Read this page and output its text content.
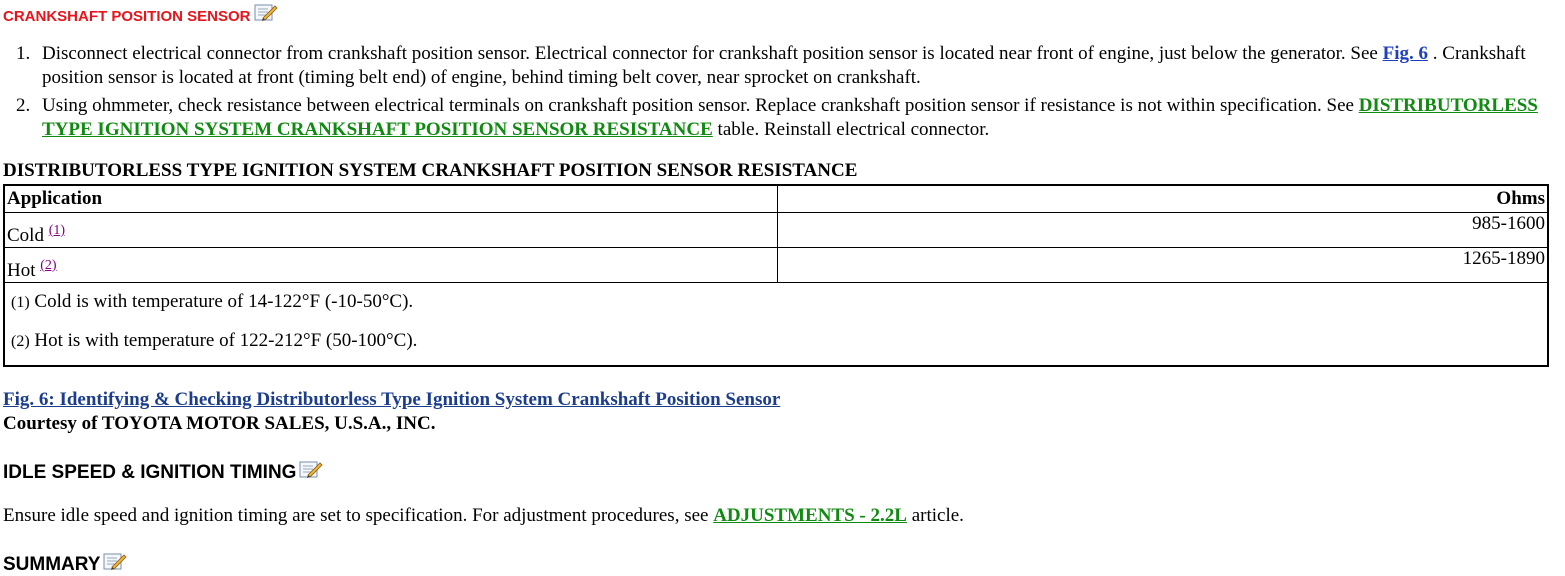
CRANKSHAFT POSITION SENSOR
1. Disconnect electrical connector from crankshaft position sensor. Electrical connector for crankshaft position sensor is located near front of engine, just below the generator. See Fig. 6 . Crankshaft position sensor is located at front (timing belt end) of engine, behind timing belt cover, near sprocket on crankshaft.
2. Using ohmmeter, check resistance between electrical terminals on crankshaft position sensor. Replace crankshaft position sensor if resistance is not within specification. See DISTRIBUTORLESS TYPE IGNITION SYSTEM CRANKSHAFT POSITION SENSOR RESISTANCE table. Reinstall electrical connector.
DISTRIBUTORLESS TYPE IGNITION SYSTEM CRANKSHAFT POSITION SENSOR RESISTANCE
Application	Ohms
Cold $^{(1)}$	985-1600
Hot $^{(2)}$	1265-1890

(1) Cold is with temperature of 14-122°F (-10-50°C).
(2) Hot is with temperature of 122-212°F (50-100°C).	
Fig. 6: Identifying & Checking Distributorless Type Ignition System Crankshaft Position Sensor
Courtesy of TOYOTA MOTOR SALES, U.S.A., INC.
IDLE SPEED & IGNITION TIMING
Ensure idle speed and ignition timing are set to specification. For adjustment procedures, see ADJUSTMENTS - 2.2L article.
SUMMARY
